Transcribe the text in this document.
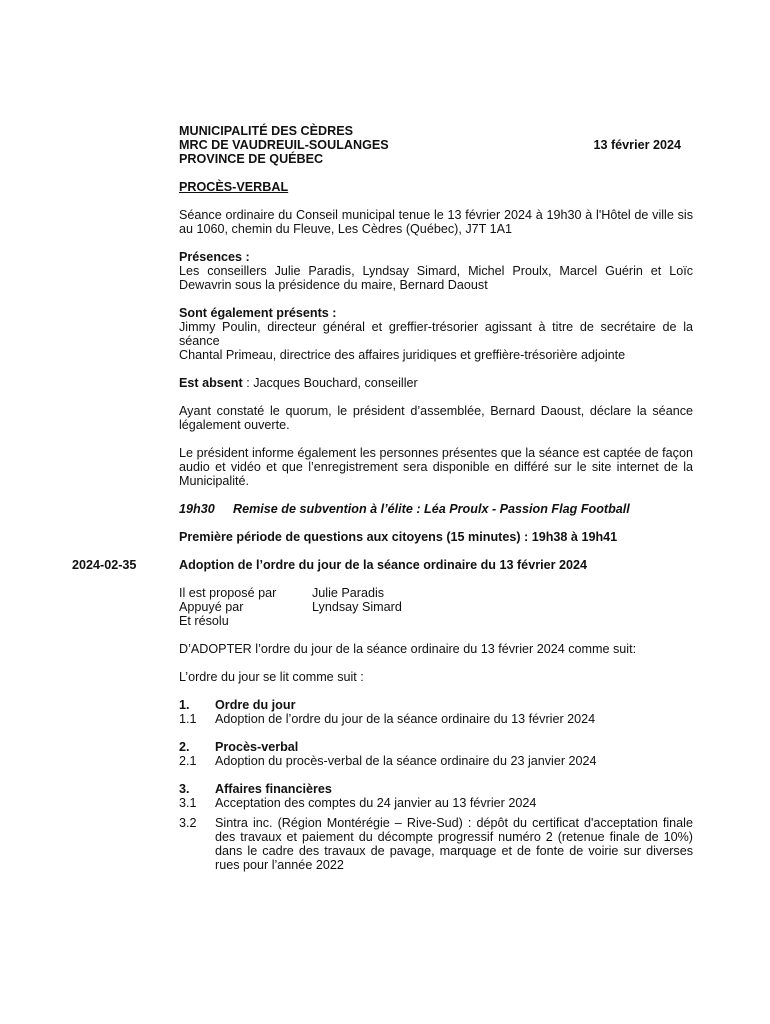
MUNICIPALITÉ DES CÈDRES
MRC DE VAUDREUIL-SOULANGES
PROVINCE DE QUÉBEC
13 février 2024
PROCÈS-VERBAL
Séance ordinaire du Conseil municipal tenue le 13 février 2024 à 19h30 à l'Hôtel de ville sis au 1060, chemin du Fleuve, Les Cèdres (Québec), J7T 1A1
Présences :
Les conseillers Julie Paradis, Lyndsay Simard, Michel Proulx, Marcel Guérin et Loïc Dewavrin sous la présidence du maire, Bernard Daoust
Sont également présents :
Jimmy Poulin, directeur général et greffier-trésorier agissant à titre de secrétaire de la séance
Chantal Primeau, directrice des affaires juridiques et greffière-trésorière adjointe
Est absent : Jacques Bouchard, conseiller
Ayant constaté le quorum, le président d’assemblée, Bernard Daoust, déclare la séance légalement ouverte.
Le président informe également les personnes présentes que la séance est captée de façon audio et vidéo et que l’enregistrement sera disponible en différé sur le site internet de la Municipalité.
19h30	Remise de subvention à l’élite : Léa Proulx - Passion Flag Football
Première période de questions aux citoyens (15 minutes) : 19h38 à 19h41
2024-02-35	Adoption de l’ordre du jour de la séance ordinaire du 13 février 2024
Il est proposé par	Julie Paradis
Appuyé par	Lyndsay Simard
Et résolu
D’ADOPTER l’ordre du jour de la séance ordinaire du 13 février 2024 comme suit:
L’ordre du jour se lit comme suit :
1.	Ordre du jour
1.1	Adoption de l’ordre du jour de la séance ordinaire du 13 février 2024
2.	Procès-verbal
2.1	Adoption du procès-verbal de la séance ordinaire du 23 janvier 2024
3.	Affaires financières
3.1	Acceptation des comptes du 24 janvier au 13 février 2024
3.2	Sintra inc. (Région Montérégie – Rive-Sud) : dépôt du certificat d'acceptation finale des travaux et paiement du décompte progressif numéro 2 (retenue finale de 10%) dans le cadre des travaux de pavage, marquage et de fonte de voirie sur diverses rues pour l’année 2022
